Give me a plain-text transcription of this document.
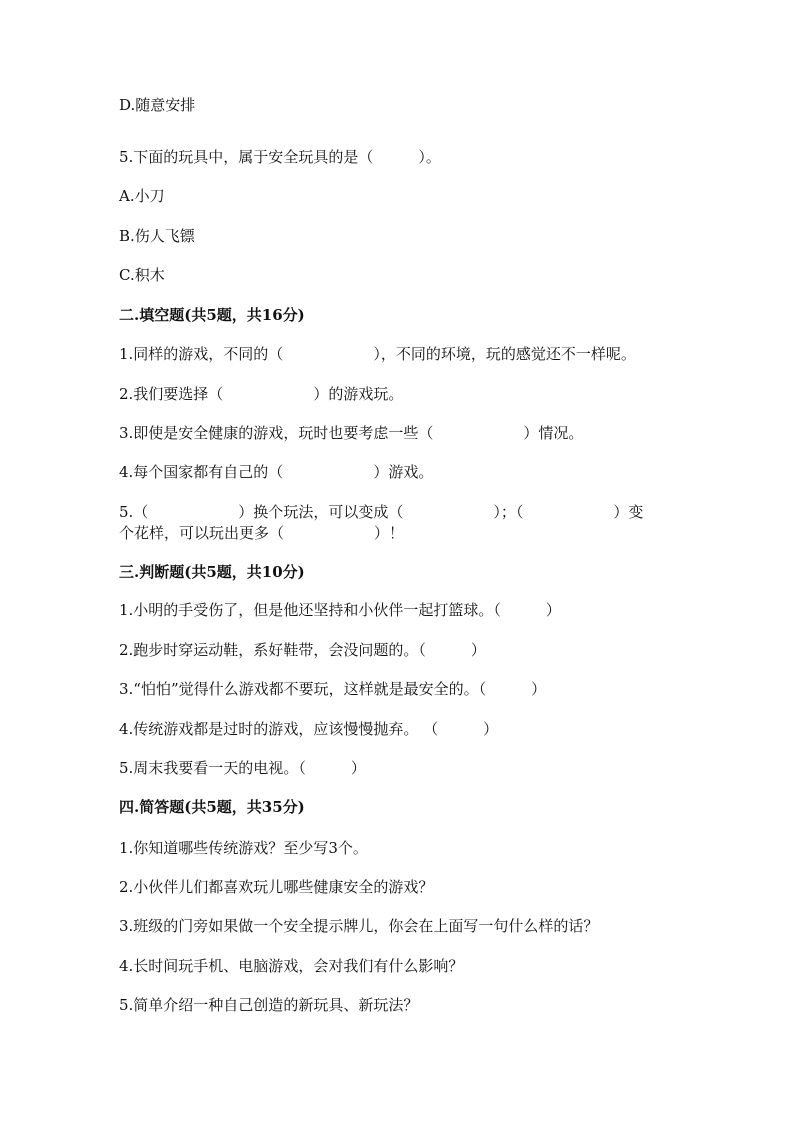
D.随意安排
5.下面的玩具中，属于安全玩具的是（　　　）。
A.小刀
B.伤人飞镖
C.积木
二.填空题(共5题，共16分)
1.同样的游戏，不同的（　　　　　　），不同的环境，玩的感觉还不一样呢。
2.我们要选择（　　　　　　）的游戏玩。
3.即使是安全健康的游戏，玩时也要考虑一些（　　　　　　）情况。
4.每个国家都有自己的（　　　　　　）游戏。
5.（　　　　　　）换个玩法，可以变成（　　　　　　）；（　　　　　　）变
个花样，可以玩出更多（　　　　　　）！
三.判断题(共5题，共10分)
1.小明的手受伤了，但是他还坚持和小伙伴一起打篮球。（　　　）
2.跑步时穿运动鞋，系好鞋带，会没问题的。（　　　）
3.“怕怕”觉得什么游戏都不要玩，这样就是最安全的。（　　　）
4.传统游戏都是过时的游戏，应该慢慢抛弃。 （　　　）
5.周末我要看一天的电视。（　　　）
四.简答题(共5题，共35分)
1.你知道哪些传统游戏？至少写3个。
2.小伙伴儿们都喜欢玩儿哪些健康安全的游戏？
3.班级的门旁如果做一个安全提示牌儿，你会在上面写一句什么样的话？
4.长时间玩手机、电脑游戏，会对我们有什么影响？
5.简单介绍一种自己创造的新玩具、新玩法？
